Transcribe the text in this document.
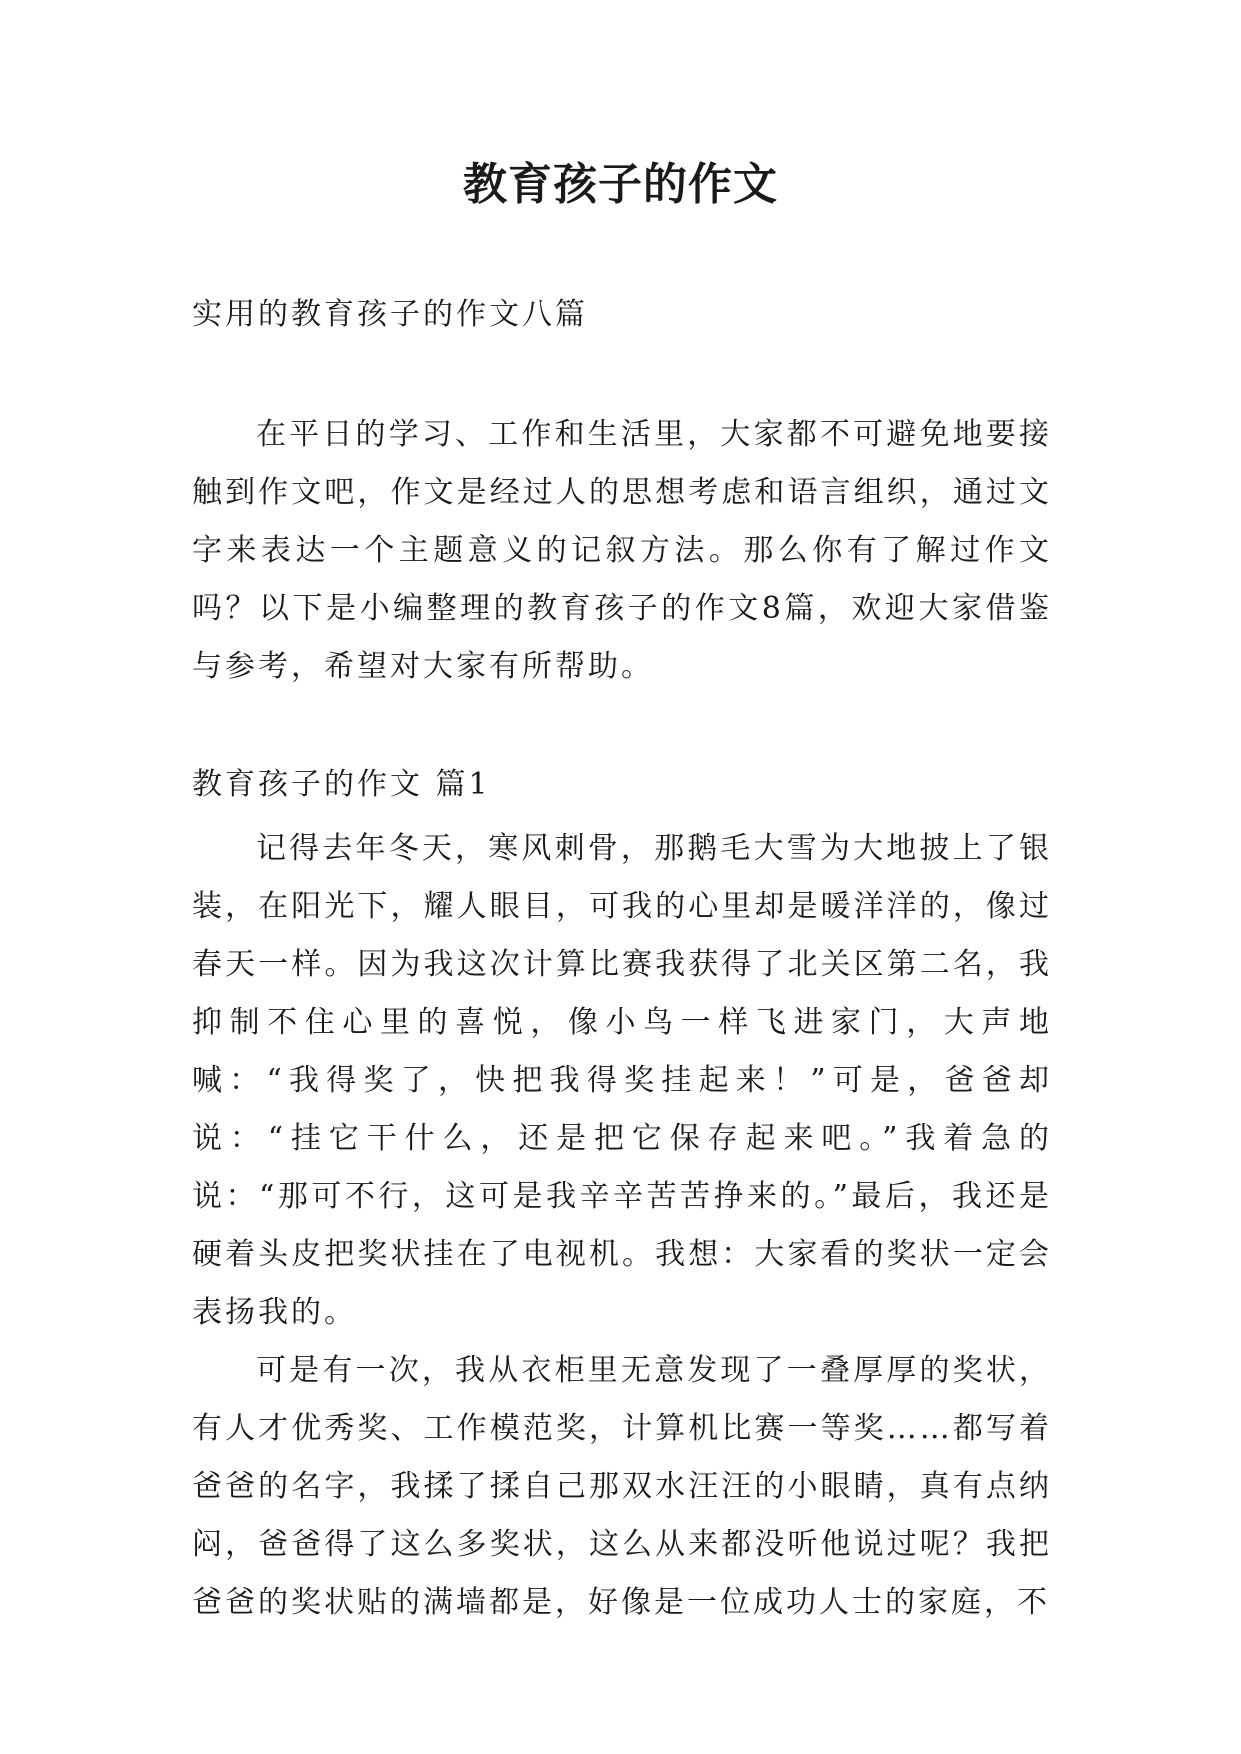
教育孩子的作文
实用的教育孩子的作文八篇

在平日的学习、工作和生活里，大家都不可避免地要接触到作文吧，作文是经过人的思想考虑和语言组织，通过文字来表达一个主题意义的记叙方法。那么你有了解过作文吗？以下是小编整理的教育孩子的作文8篇，欢迎大家借鉴与参考，希望对大家有所帮助。

教育孩子的作文 篇1

记得去年冬天，寒风刺骨，那鹅毛大雪为大地披上了银装，在阳光下，耀人眼目，可我的心里却是暖洋洋的，像过春天一样。因为我这次计算比赛我获得了北关区第二名，我抑制不住心里的喜悦，像小鸟一样飞进家门，大声地喊：“我得奖了，快把我得奖挂起来！”可是，爸爸却说：“挂它干什么，还是把它保存起来吧。”我着急的说：“那可不行，这可是我辛辛苦苦挣来的。”最后，我还是硬着头皮把奖状挂在了电视机。我想：大家看的奖状一定会表扬我的。

可是有一次，我从衣柜里无意发现了一叠厚厚的奖状，有人才优秀奖、工作模范奖，计算机比赛一等奖……都写着爸爸的名字，我揉了揉自己那双水汪汪的小眼睛，真有点纳闷，爸爸得了这么多奖状，这么从来都没听他说过呢？我把爸爸的奖状贴的满墙都是，好像是一位成功人士的家庭，不
